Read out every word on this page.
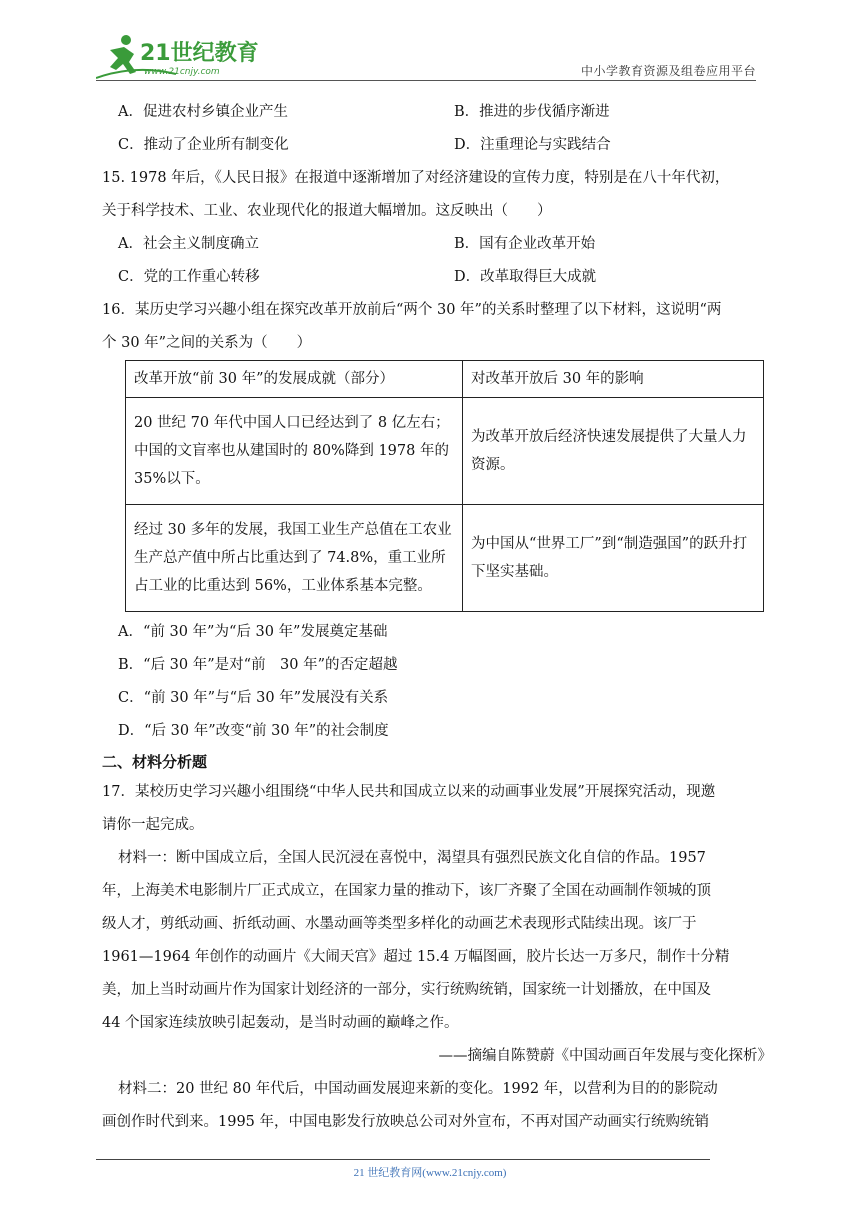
21世纪教育
www.21cnjy.com	中小学教育资源及组卷应用平台
A．促进农村乡镇企业产生	B．推进的步伐循序渐进
C．推动了企业所有制变化	D．注重理论与实践结合
15. 1978 年后，《人民日报》在报道中逐渐增加了对经济建设的宣传力度，特别是在八十年代初，
关于科学技术、工业、农业现代化的报道大幅增加。这反映出（　　）
A．社会主义制度确立	B．国有企业改革开始
C．党的工作重心转移	D．改革取得巨大成就
16．某历史学习兴趣小组在探究改革开放前后“两个 30 年”的关系时整理了以下材料，这说明“两
个 30 年”之间的关系为（　　）
改革开放“前 30 年”的发展成就（部分）	对改革开放后 30 年的影响
20 世纪 70 年代中国人口已经达到了 8 亿左右；中国的文盲率也从建国时的 80%降到 1978 年的 35%以下。	为改革开放后经济快速发展提供了大量人力资源。
经过 30 多年的发展，我国工业生产总值在工农业生产总产值中所占比重达到了 74.8%，重工业所占工业的比重达到 56%，工业体系基本完整。	为中国从“世界工厂”到“制造强国”的跃升打下坚实基础。
A．“前 30 年”为“后 30 年”发展奠定基础
B．“后 30 年”是对“前　30 年”的否定超越
C．“前 30 年”与“后 30 年”发展没有关系
D．“后 30 年”改变“前 30 年”的社会制度
二、材料分析题
17．某校历史学习兴趣小组围绕“中华人民共和国成立以来的动画事业发展”开展探究活动，现邀
请你一起完成。
材料一：断中国成立后，全国人民沉浸在喜悦中，渴望具有强烈民族文化自信的作品。1957
年，上海美术电影制片厂正式成立，在国家力量的推动下，该厂齐聚了全国在动画制作领城的顶
级人才，剪纸动画、折纸动画、水墨动画等类型多样化的动画艺术表现形式陆续出现。该厂于
1961—1964 年创作的动画片《大闹天宫》超过 15.4 万幅图画，胶片长达一万多尺，制作十分精
美，加上当时动画片作为国家计划经济的一部分，实行统购统销，国家统一计划播放，在中国及
44 个国家连续放映引起轰动，是当时动画的巅峰之作。
——摘编自陈赞蔚《中国动画百年发展与变化探析》
材料二：20 世纪 80 年代后，中国动画发展迎来新的变化。1992 年，以营利为目的的影院动
画创作时代到来。1995 年，中国电影发行放映总公司对外宣布，不再对国产动画实行统购统销
21 世纪教育网(www.21cnjy.com)
